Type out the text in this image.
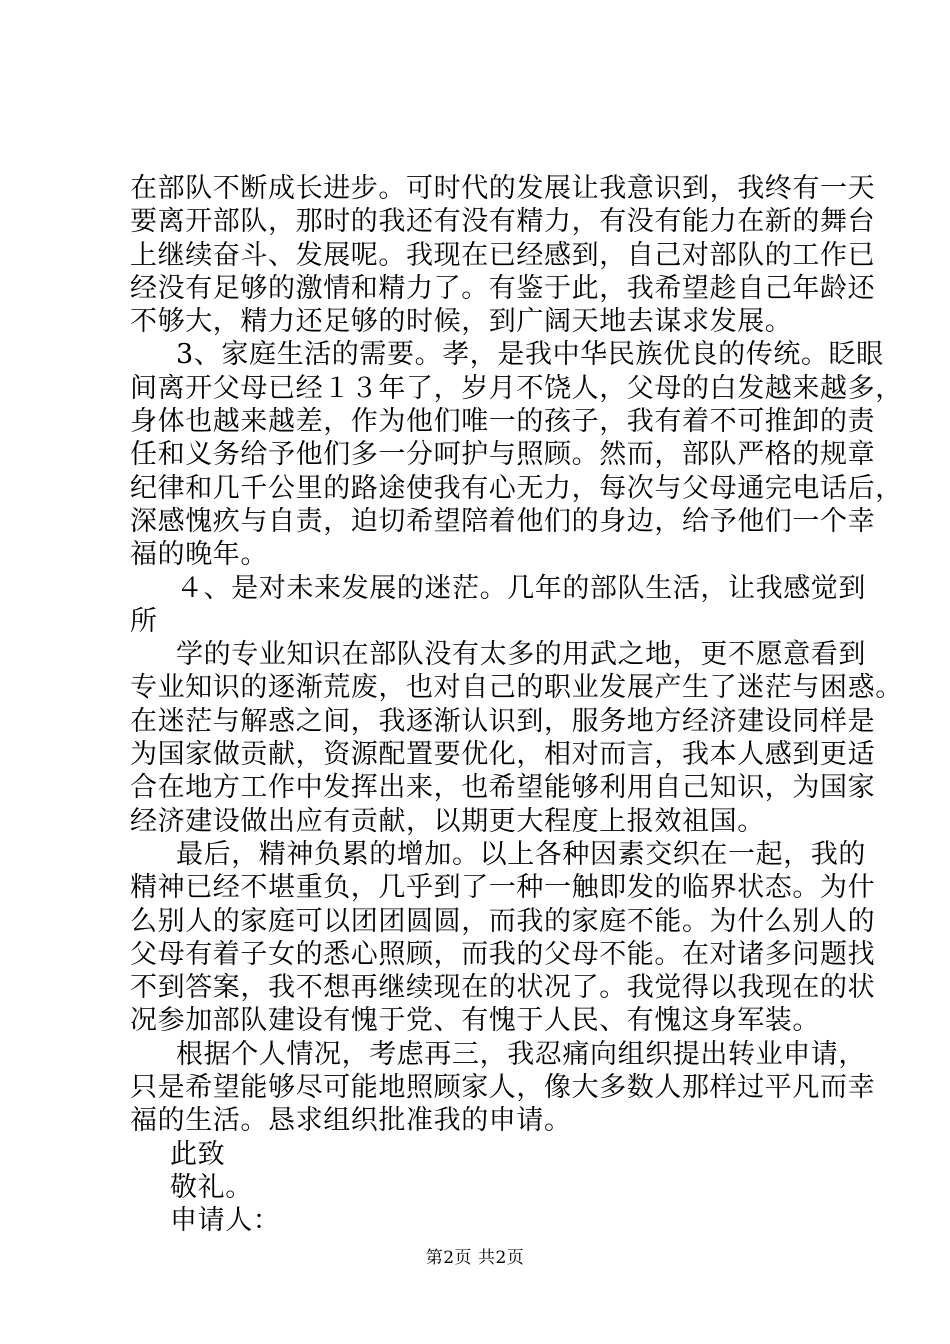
在部队不断成长进步。可时代的发展让我意识到，我终有一天
要离开部队，那时的我还有没有精力，有没有能力在新的舞台
上继续奋斗、发展呢。我现在已经感到，自己对部队的工作已
经没有足够的激情和精力了。有鉴于此，我希望趁自己年龄还
不够大，精力还足够的时候，到广阔天地去谋求发展。
3、家庭生活的需要。孝，是我中华民族优良的传统。眨眼
间离开父母已经１３年了，岁月不饶人，父母的白发越来越多，
身体也越来越差，作为他们唯一的孩子，我有着不可推卸的责
任和义务给予他们多一分呵护与照顾。然而，部队严格的规章
纪律和几千公里的路途使我有心无力，每次与父母通完电话后，
深感愧疚与自责，迫切希望陪着他们的身边，给予他们一个幸
福的晚年。
４、是对未来发展的迷茫。几年的部队生活，让我感觉到
所
学的专业知识在部队没有太多的用武之地，更不愿意看到
专业知识的逐渐荒废，也对自己的职业发展产生了迷茫与困惑。
在迷茫与解惑之间，我逐渐认识到，服务地方经济建设同样是
为国家做贡献，资源配置要优化，相对而言，我本人感到更适
合在地方工作中发挥出来，也希望能够利用自己知识，为国家
经济建设做出应有贡献，以期更大程度上报效祖国。
最后，精神负累的增加。以上各种因素交织在一起，我的
精神已经不堪重负，几乎到了一种一触即发的临界状态。为什
么别人的家庭可以团团圆圆，而我的家庭不能。为什么别人的
父母有着子女的悉心照顾，而我的父母不能。在对诸多问题找
不到答案，我不想再继续现在的状况了。我觉得以我现在的状
况参加部队建设有愧于党、有愧于人民、有愧这身军装。
根据个人情况，考虑再三，我忍痛向组织提出转业申请，
只是希望能够尽可能地照顾家人，像大多数人那样过平凡而幸
福的生活。恳求组织批准我的申请。
此致
敬礼。
申请人：
第2页 共2页
